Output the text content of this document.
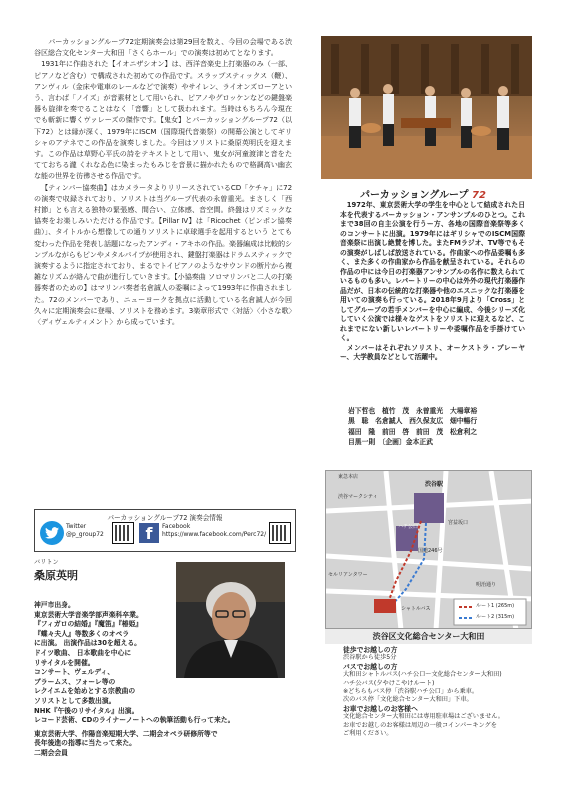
パーカッショングループ72定期演奏会は第29回を数え、今回の会場である渋谷区総合文化センター大和田「さくらホール」での演奏は初めてとなります。

1931年に作曲された【イオニザシオン】は、西洋音楽史上打楽器のみ（一部、ピアノなど含む）で構成された初めての作品です。スラップスティックス（鞭）、アンヴィル（金床や電車のレールなどで演奏）やサイレン、ライオンズローアという、言わば「ノイズ」が音素材として用いられ、ピアノやグロッケンなどの鍵盤楽器も旋律を奏でることはなく「音響」として扱われます。当時はもちろん今現在でも斬新に響くヴァレーズの傑作です。【鬼女】とパーカッショングループ72（以下72）とは縁が深く、1979年にISCM（国際現代音楽祭）の開幕公演としてギリシャのアテネでこの作品を演奏しました。今回はソリストに桑原英明氏を迎えます。この作品は草野心平氏の詩をテキストとして用い、鬼女が河童渡津と音をたてておちる瀧 くれなゐ色に染まったもみじを音景に描かれたもので格調高い幽玄な能の世界を彷彿させる作品です。

【ティンパー協奏曲】はカメラータよりリリースされているCD「ケチャ」に72の演奏で収録されており、ソリストは当グループ代表の永曽重光。まさしく「西村節」とも言える独特の緊張感、間合い、立体感、音空間。終盤はリズミックな協奏をお楽しみいただける作品です。【Pillar Ⅳ】は「Ricochet（ピンポン協奏曲）」、タイトルから想像しての通りソリストに卓球選手を起用するという とても変わった作品を発表し話題になったアンディ・アキホの作品。楽器編成は比較的シンプルながらもピンやメタルパイプが使用され、鍵盤打楽器はドラムスティックで演奏するように指定されており、まるでトイピアノのようなサウンドの断片から複雑なリズムが絡んで曲が進行していきます。【小協奏曲 ソロマリンバと二人の打楽器奏者のための】はマリンバ奏者名倉誠人の委嘱によって1993年に作曲されました。72のメンバーであり、ニューヨークを拠点に活動している名倉誠人が今回久々に定期演奏会に登場、ソリストを務めます。3楽章形式で〈対話〉〈小さな歌〉〈ディヴェルティメント〉から成っています。

パーカッショングループ72 演奏会情報
Twitter
@p_group72	f	Facebook
https://www.facebook.com/Perc72/
バリトン
桑原英明

神戸市出身。

東京芸術大学音楽学部声楽科卒業。

『フィガロの結婚』『魔笛』『椿姫』

『蝶々夫人』等数多くのオペラ

に出演。 出演作品は30を超える。

ドイツ歌曲、 日本歌曲を中心に

リサイタルを開催。

コンサート、ヴェルディ、

ブラームス、フォーレ等の

レクイエムを始めとする宗教曲の

ソリストとして多数出演。

NHK『午後のリサイタル』出演。

レコード芸術、CDのライナーノートへの執筆活動も行って来た。

東京芸術大学、作陽音楽短期大学、二期会オペラ研修所等で

長年後進の指導に当たって来た。

二期会会員

パーカッショングループ 72

1972年、東京芸術大学の学生を中心として結成された日本を代表するパーカッション・アンサンブルのひとつ。これまで38回の自主公演を行うー方、各地の国際音楽祭等多くのコンサートに出演。1979年にはギリシャでのISCM国際音楽祭に出演し絶賛を博した。またFMラジオ、TV等でもその演奏がしばしば放送されている。作曲家への作品委嘱も多く、また多くの作曲家から作品を献呈されている。それらの作品の中には今日の打楽器アンサンブルの名作に数えられているものも多い。レパートリーの中心は外外の現代打楽器作品だが、日本の伝統的な打楽器や他のエスニックな打楽器を用いての演奏も行っている。2018年9月より「Cross」としてグループの若手メンバーを中心に編成、今後シリーズ化していく公演では様々なゲストをソリストに迎えるなど、これまでにない新しいレパートリーや委嘱作品を手掛けていく。

メンバーはそれぞれソリスト、オーケストラ・プレーヤー、大学教員などとして活躍中。

岩下哲也　植竹　茂　永曽重光　大場章裕
黒　聡　名倉誠人　西久保友広　畑中暢行
福田　隆　前田　啓　前田　茂　松倉利之
目黒一則　〔企画〕金本正武
渋谷駅
ハチ公口
宮益坂口
渋谷マークシティ
国道246号
セルリアンタワー
シャトルバス
明治通り
東急本店
ルート1 (265m)
ルート2 (315m)
渋谷区文化総合センター大和田

徒歩でお越しの方

渋谷駅から徒歩5分

バスでお越しの方

大和田シャトルバス(ハチ公口～文化総合センター大和田)

ハチ公バス(夕やけこやけルート)

※どちらもバス停「渋谷駅ハチ公口」から乗車。

次のバス停「文化総合センター大和田」下車。

お車でお越しのお客様へ

文化総合センター大和田には専用駐車場はございません。

お車でお越しのお客様は周辺の一般コインパーキングを

ご利用ください。
